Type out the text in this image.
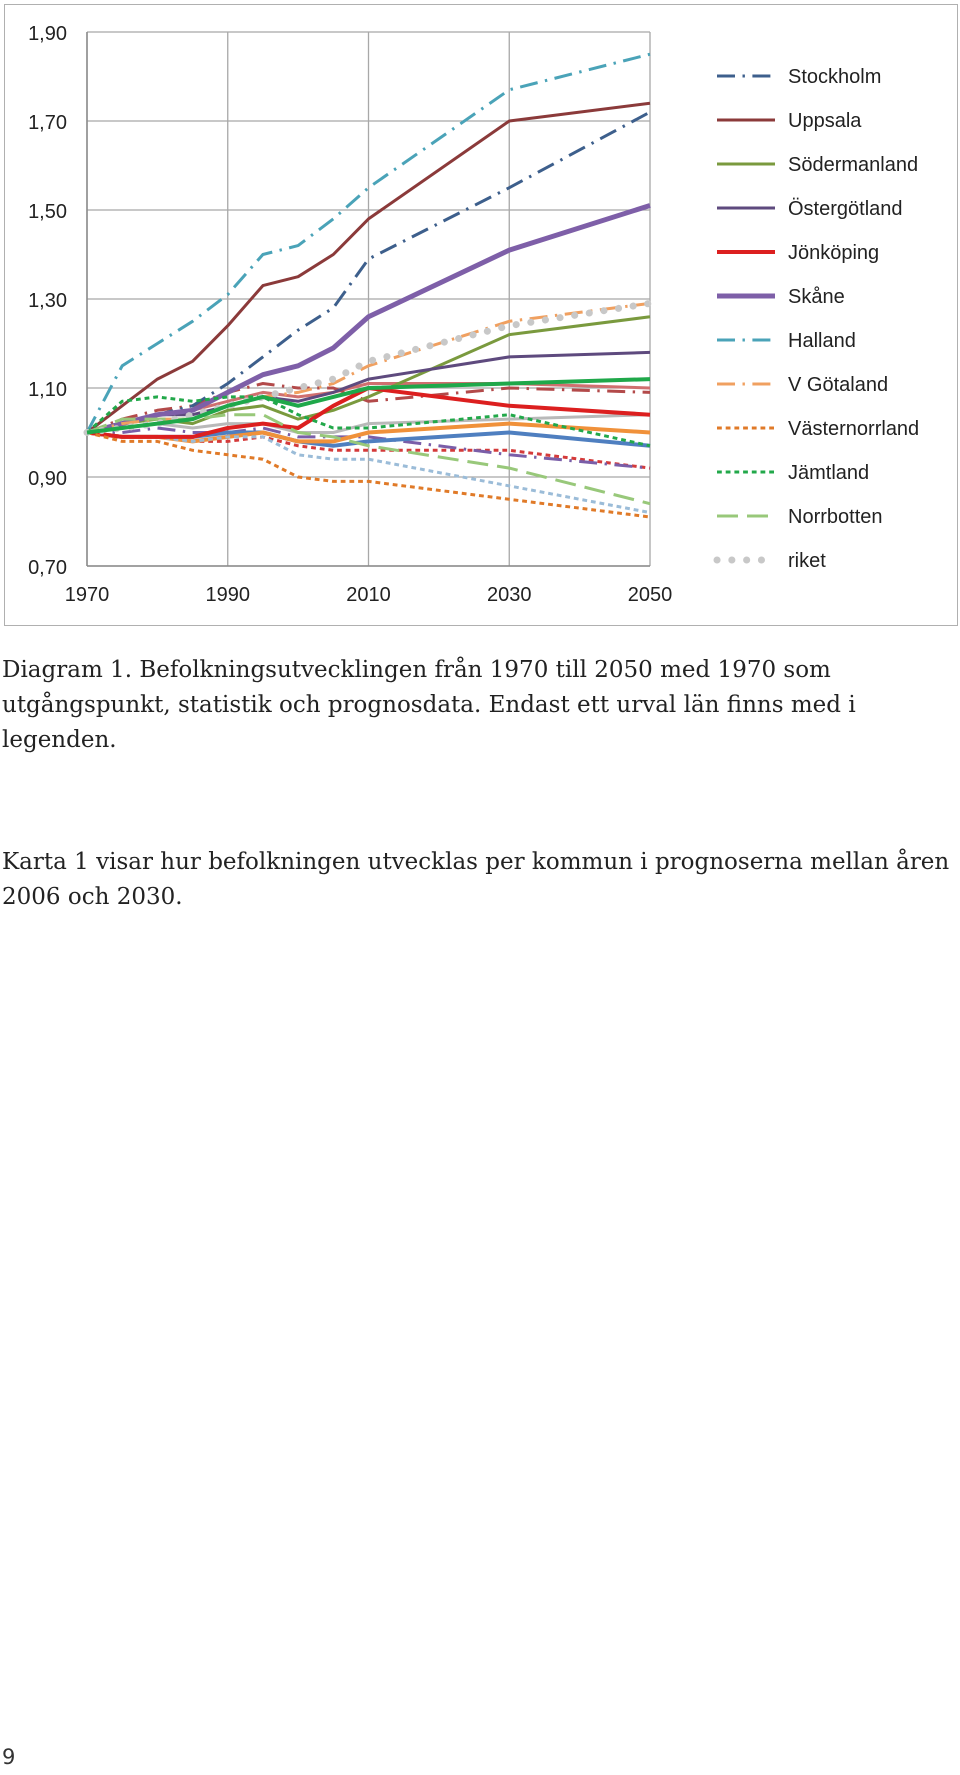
0,70
0,90
1,10
1,30
1,50
1,70
1,90
1970	1990	2010	2030	2050
Stockholm
Uppsala
Södermanland
Östergötland
Jönköping
Skåne
Halland
V Götaland
Västernorrland
Jämtland
Norrbotten
riket
Diagram 1. Befolkningsutvecklingen från 1970 till 2050 med 1970 som utgångspunkt, statistik och prognosdata. Endast ett urval län finns med i legenden.
Karta 1 visar hur befolkningen utvecklas per kommun i prognoserna mellan åren 2006 och 2030.
9
